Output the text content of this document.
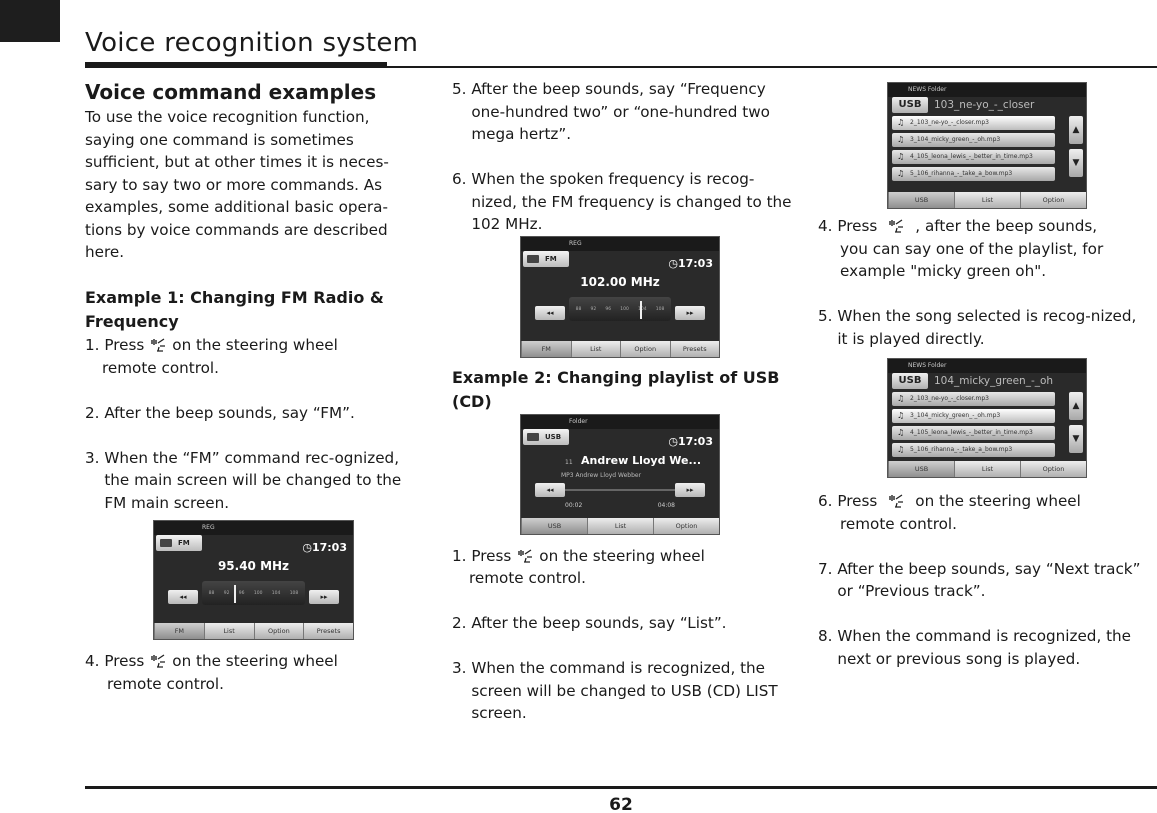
Voice recognition system
Voice command examples

To use the voice recognition function, saying one command is sometimes sufficient, but at other times it is neces-sary to say two or more commands. As examples, some additional basic opera-tions by voice commands are described here.

Example 1: Changing FM Radio & Frequency
1. Press on the steering wheel
remote control.
2. After the beep sounds, say “FM”.
3. When the “FM” command rec-ognized, the main screen will be changed to the FM main screen.
REG
FM	◷17:03
95.40 MHz
◂◂	▸▸
FM	List	Option	Presets
4. Press on the steering wheel
remote control.
5. After the beep sounds, say “Frequency one-hundred two” or “one-hundred two mega hertz”.
6. When the spoken frequency is recog-nized, the FM frequency is changed to the 102 MHz.
REG
FM	◷17:03
102.00 MHz
◂◂	▸▸
FM	List	Option	Presets
Example 2: Changing playlist of USB (CD)
Folder
USB	◷17:03
11 Andrew Lloyd We...
MP3 Andrew Lloyd Webber
00:02	04:08
◂◂	▸▸
USB	List	Option
1. Press on the steering wheel
remote control.
2. After the beep sounds, say “List”.
3. When the command is recognized, the screen will be changed to USB (CD) LIST screen.
NEWS Folder
USB	103_ne-yo_-_closer
♫ 2_103_ne-yo_-_closer.mp3
♫ 3_104_micky_green_-_oh.mp3
♫ 4_105_leona_lewis_-_better_in_time.mp3
♫ 5_106_rihanna_-_take_a_bow.mp3
▲
▼
USB	List	Option
4. Press	, after the beep sounds,
you can say one of the playlist, for example "micky green oh".
5. When the song selected is recog-nized, it is played directly.
NEWS Folder
USB	104_micky_green_-_oh
♫ 2_103_ne-yo_-_closer.mp3
♫ 3_104_micky_green_-_oh.mp3
♫ 4_105_leona_lewis_-_better_in_time.mp3
♫ 5_106_rihanna_-_take_a_bow.mp3
▲
▼
USB	List	Option
6. Press	on the steering wheel
remote control.
7. After the beep sounds, say “Next track” or “Previous track”.
8. When the command is recognized, the next or previous song is played.
62
